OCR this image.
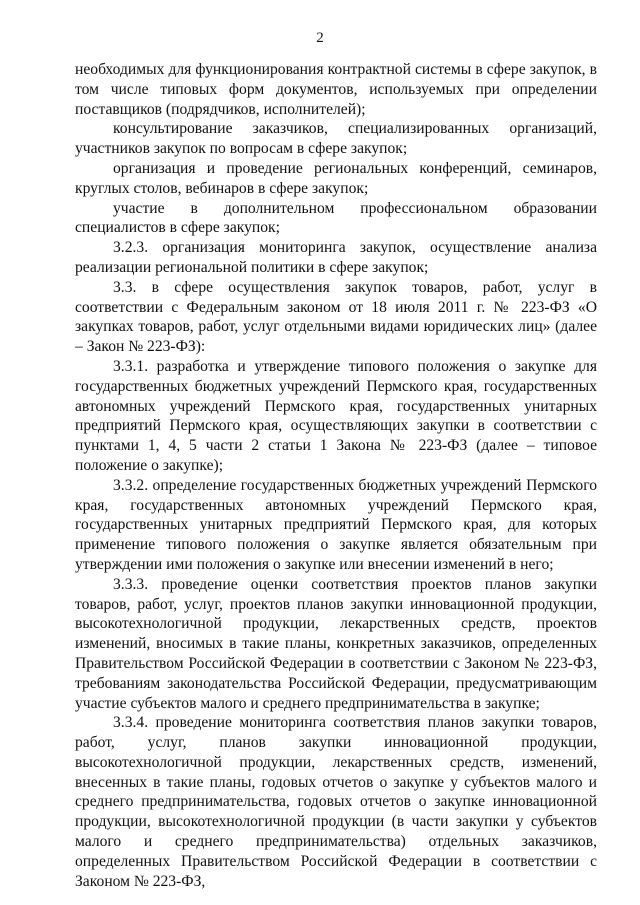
2

необходимых для функционирования контрактной системы в сфере закупок, в том числе типовых форм документов, используемых при определении поставщиков (подрядчиков, исполнителей);

консультирование заказчиков, специализированных организаций, участников закупок по вопросам в сфере закупок;

организация и проведение региональных конференций, семинаров, круглых столов, вебинаров в сфере закупок;

участие в дополнительном профессиональном образовании специалистов в сфере закупок;

3.2.3. организация мониторинга закупок, осуществление анализа реализации региональной политики в сфере закупок;

3.3. в сфере осуществления закупок товаров, работ, услуг в соответствии с Федеральным законом от 18 июля 2011 г. № 223-ФЗ «О закупках товаров, работ, услуг отдельными видами юридических лиц» (далее – Закон № 223-ФЗ):

3.3.1. разработка и утверждение типового положения о закупке для государственных бюджетных учреждений Пермского края, государственных автономных учреждений Пермского края, государственных унитарных предприятий Пермского края, осуществляющих закупки в соответствии с пунктами 1, 4, 5 части 2 статьи 1 Закона № 223-ФЗ (далее – типовое положение о закупке);

3.3.2. определение государственных бюджетных учреждений Пермского края, государственных автономных учреждений Пермского края, государственных унитарных предприятий Пермского края, для которых применение типового положения о закупке является обязательным при утверждении ими положения о закупке или внесении изменений в него;

3.3.3. проведение оценки соответствия проектов планов закупки товаров, работ, услуг, проектов планов закупки инновационной продукции, высокотехнологичной продукции, лекарственных средств, проектов изменений, вносимых в такие планы, конкретных заказчиков, определенных Правительством Российской Федерации в соответствии с Законом № 223-ФЗ, требованиям законодательства Российской Федерации, предусматривающим участие субъектов малого и среднего предпринимательства в закупке;

3.3.4. проведение мониторинга соответствия планов закупки товаров, работ, услуг, планов закупки инновационной продукции, высокотехнологичной продукции, лекарственных средств, изменений, внесенных в такие планы, годовых отчетов о закупке у субъектов малого и среднего предпринимательства, годовых отчетов о закупке инновационной продукции, высокотехнологичной продукции (в части закупки у субъектов малого и среднего предпринимательства) отдельных заказчиков, определенных Правительством Российской Федерации в соответствии с Законом № 223-ФЗ,
